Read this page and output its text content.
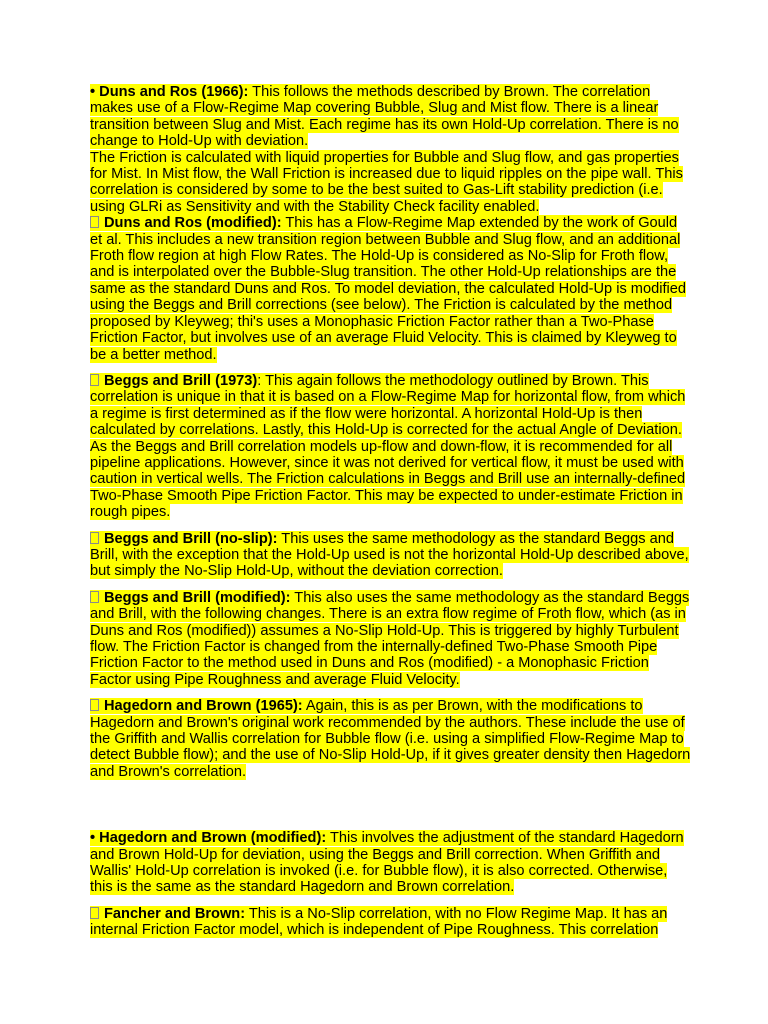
• Duns and Ros (1966): This follows the methods described by Brown. The correlation makes use of a Flow-Regime Map covering Bubble, Slug and Mist flow. There is a linear transition between Slug and Mist. Each regime has its own Hold-Up correlation. There is no change to Hold-Up with deviation.

The Friction is calculated with liquid properties for Bubble and Slug flow, and gas properties for Mist. In Mist flow, the Wall Friction is increased due to liquid ripples on the pipe wall. This correlation is considered by some to be the best suited to Gas-Lift stability prediction (i.e. using GLRi as Sensitivity and with the Stability Check facility enabled.

Duns and Ros (modified): This has a Flow-Regime Map extended by the work of Gould et al. This includes a new transition region between Bubble and Slug flow, and an additional Froth flow region at high Flow Rates. The Hold-Up is considered as No-Slip for Froth flow, and is interpolated over the Bubble-Slug transition. The other Hold-Up relationships are the same as the standard Duns and Ros. To model deviation, the calculated Hold-Up is modified using the Beggs and Brill corrections (see below). The Friction is calculated by the method proposed by Kleyweg; thi's uses a Monophasic Friction Factor rather than a Two-Phase Friction Factor, but involves use of an average Fluid Velocity. This is claimed by Kleyweg to be a better method.

Beggs and Brill (1973): This again follows the methodology outlined by Brown. This correlation is unique in that it is based on a Flow-Regime Map for horizontal flow, from which a regime is first determined as if the flow were horizontal. A horizontal Hold-Up is then calculated by correlations. Lastly, this Hold-Up is corrected for the actual Angle of Deviation. As the Beggs and Brill correlation models up-flow and down-flow, it is recommended for all pipeline applications. However, since it was not derived for vertical flow, it must be used with caution in vertical wells. The Friction calculations in Beggs and Brill use an internally-defined Two-Phase Smooth Pipe Friction Factor. This may be expected to under-estimate Friction in rough pipes.

Beggs and Brill (no-slip): This uses the same methodology as the standard Beggs and Brill, with the exception that the Hold-Up used is not the horizontal Hold-Up described above, but simply the No-Slip Hold-Up, without the deviation correction.

Beggs and Brill (modified): This also uses the same methodology as the standard Beggs and Brill, with the following changes. There is an extra flow regime of Froth flow, which (as in Duns and Ros (modified)) assumes a No-Slip Hold-Up. This is triggered by highly Turbulent flow. The Friction Factor is changed from the internally-defined Two-Phase Smooth Pipe Friction Factor to the method used in Duns and Ros (modified) - a Monophasic Friction Factor using Pipe Roughness and average Fluid Velocity.

Hagedorn and Brown (1965): Again, this is as per Brown, with the modifications to Hagedorn and Brown's original work recommended by the authors. These include the use of the Griffith and Wallis correlation for Bubble flow (i.e. using a simplified Flow-Regime Map to detect Bubble flow); and the use of No-Slip Hold-Up, if it gives greater density then Hagedorn and Brown's correlation.

• Hagedorn and Brown (modified): This involves the adjustment of the standard Hagedorn and Brown Hold-Up for deviation, using the Beggs and Brill correction. When Griffith and Wallis' Hold-Up correlation is invoked (i.e. for Bubble flow), it is also corrected. Otherwise, this is the same as the standard Hagedorn and Brown correlation.

Fancher and Brown: This is a No-Slip correlation, with no Flow Regime Map. It has an internal Friction Factor model, which is independent of Pipe Roughness. This correlation
